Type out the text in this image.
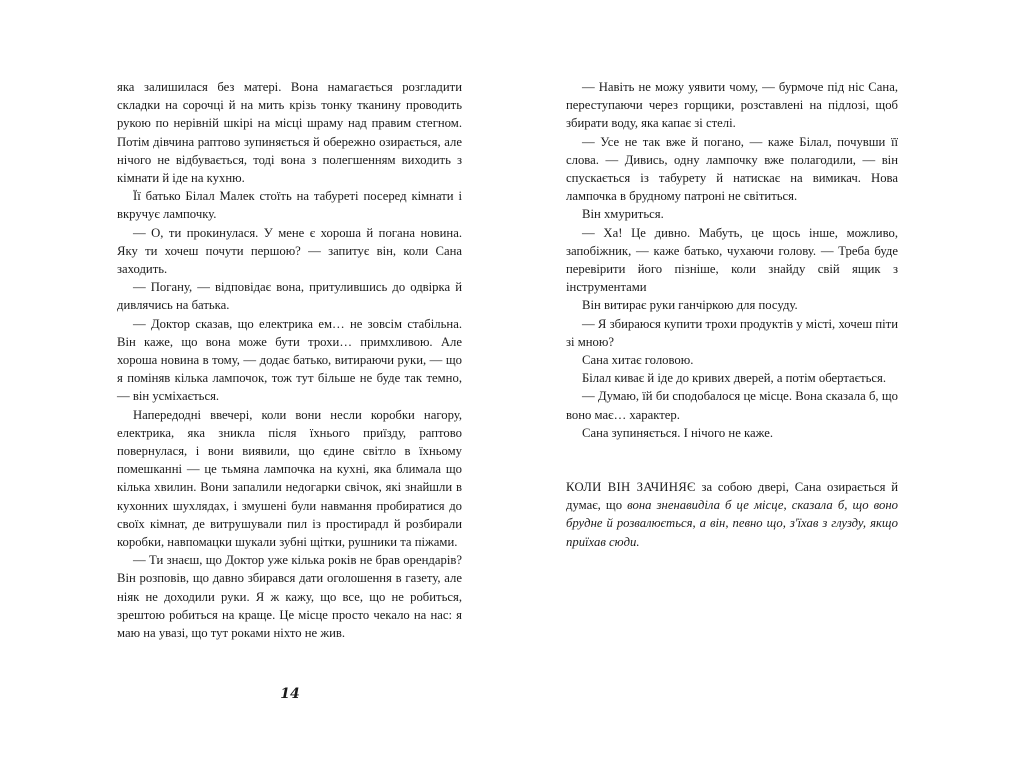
яка залишилася без матері. Вона намагається розгладити складки на сорочці й на мить крізь тонку тканину проводить рукою по нерівній шкірі на місці шраму над правим стегном. Потім дівчина раптово зупиняється й обережно озирається, але нічого не відбувається, тоді вона з полегшенням виходить з кімнати й іде на кухню.

Її батько Білал Малек стоїть на табуреті посеред кімнати і вкручує лампочку.

— О, ти прокинулася. У мене є хороша й погана новина. Яку ти хочеш почути першою? — запитує він, коли Сана заходить.

— Погану, — відповідає вона, притулившись до одвірка й дивлячись на батька.

— Доктор сказав, що електрика ем… не зовсім стабільна. Він каже, що вона може бути трохи… примхливою. Але хороша новина в тому, — додає батько, витираючи руки, — що я поміняв кілька лампочок, тож тут більше не буде так темно, — він усміхається.

Напередодні ввечері, коли вони несли коробки нагору, електрика, яка зникла після їхнього приїзду, раптово повернулася, і вони виявили, що єдине світло в їхньому помешканні — це тьмяна лампочка на кухні, яка блимала що кілька хвилин. Вони запалили недогарки свічок, які знайшли в кухонних шухлядах, і змушені були навмання пробиратися до своїх кімнат, де витрушували пил із простирадл й розбирали коробки, навпомацки шукали зубні щітки, рушники та піжами.

— Ти знаєш, що Доктор уже кілька років не брав орендарів? Він розповів, що давно збирався дати оголошення в газету, але ніяк не доходили руки. Я ж кажу, що все, що не робиться, зрештою робиться на краще. Це місце просто чекало на нас: я маю на увазі, що тут роками ніхто не жив.

14

— Навіть не можу уявити чому, — бурмоче під ніс Сана, переступаючи через горщики, розставлені на підлозі, щоб збирати воду, яка капає зі стелі.

— Усе не так вже й погано, — каже Білал, почувши її слова. — Дивись, одну лампочку вже полагодили, — він спускається із табурету й натискає на вимикач. Нова лампочка в брудному патроні не світиться.

Він хмуриться.

— Ха! Це дивно. Мабуть, це щось інше, можливо, запобіжник, — каже батько, чухаючи голову. — Треба буде перевірити його пізніше, коли знайду свій ящик з інструментами

Він витирає руки ганчіркою для посуду.

— Я збираюся купити трохи продуктів у місті, хочеш піти зі мною?

Сана хитає головою.

Білал киває й іде до кривих дверей, а потім обертається.

— Думаю, їй би сподобалося це місце. Вона сказала б, що воно має… характер.

Сана зупиняється. І нічого не каже.

КОЛИ ВІН ЗАЧИНЯЄ за собою двері, Сана озирається й думає, що вона зненавиділа б це місце, сказала б, що воно брудне й розвалюється, а він, певно що, з'їхав з глузду, якщо приїхав сюди.
